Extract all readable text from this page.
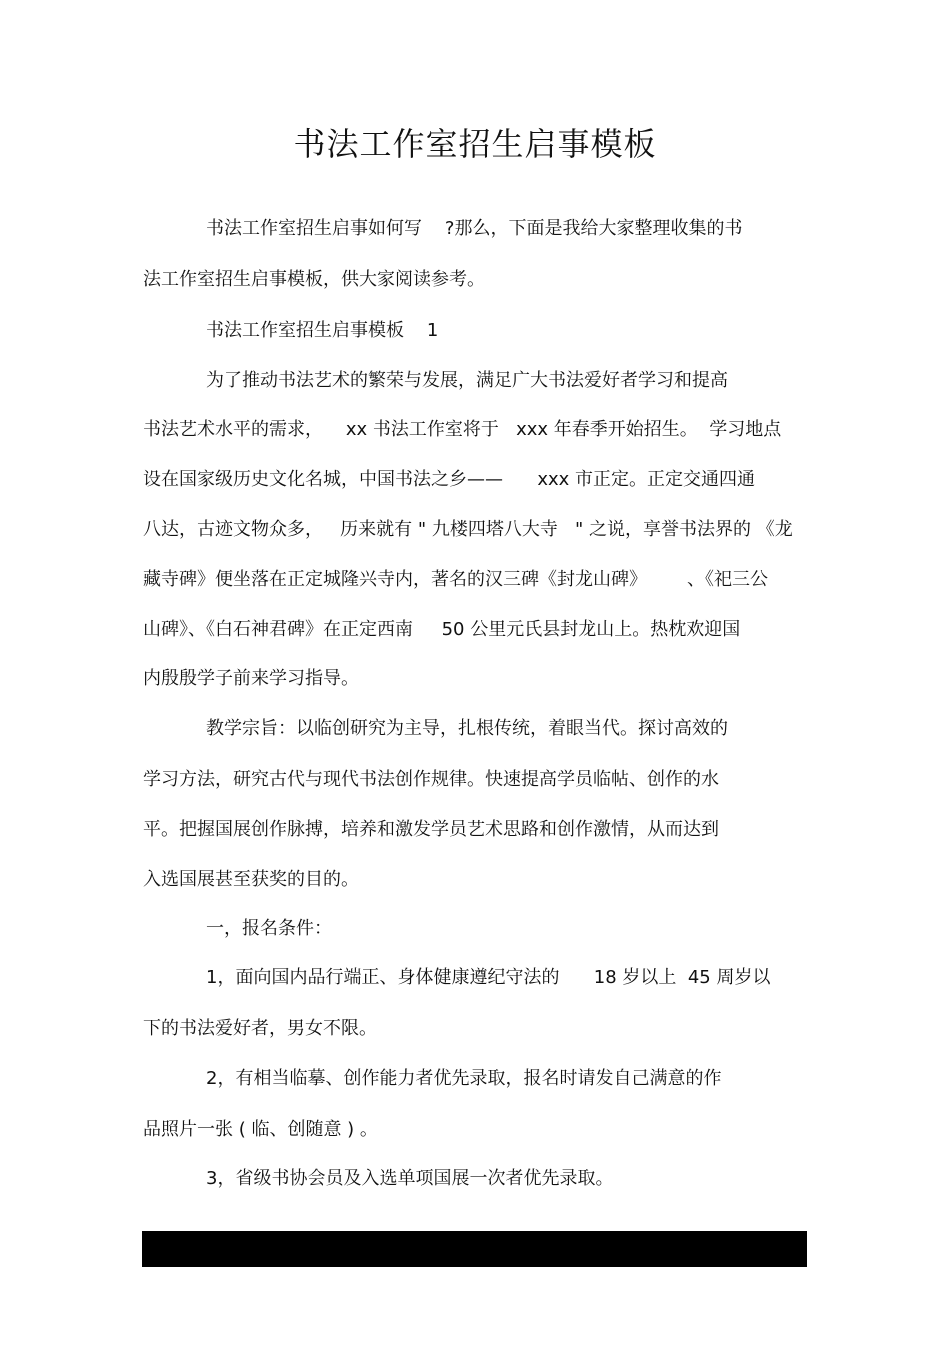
书法工作室招生启事模板

书法工作室招生启事如何写    ?那么，下面是我给大家整理收集的书

法工作室招生启事模板，供大家阅读参考。

书法工作室招生启事模板    1

为了推动书法艺术的繁荣与发展，满足广大书法爱好者学习和提高

书法艺术水平的需求，    xx 书法工作室将于   xxx 年春季开始招生。  学习地点

设在国家级历史文化名城，中国书法之乡——      xxx 市正定。正定交通四通

八达，古迹文物众多，   历来就有 " 九楼四塔八大寺   " 之说，享誉书法界的 《龙

藏寺碑》便坐落在正定城隆兴寺内，著名的汉三碑《封龙山碑》       、《祀三公

山碑》、《白石神君碑》在正定西南     50 公里元氏县封龙山上。热枕欢迎国

内殷殷学子前来学习指导。

教学宗旨：以临创研究为主导，扎根传统，着眼当代。探讨高效的

学习方法，研究古代与现代书法创作规律。快速提高学员临帖、创作的水

平。把握国展创作脉搏，培养和激发学员艺术思路和创作激情，从而达到

入选国展甚至获奖的目的。

一，报名条件：

1，面向国内品行端正、身体健康遵纪守法的      18 岁以上  45 周岁以

下的书法爱好者，男女不限。

2，有相当临摹、创作能力者优先录取，报名时请发自己满意的作

品照片一张 ( 临、创随意 ) 。

3，省级书协会员及入选单项国展一次者优先录取。
